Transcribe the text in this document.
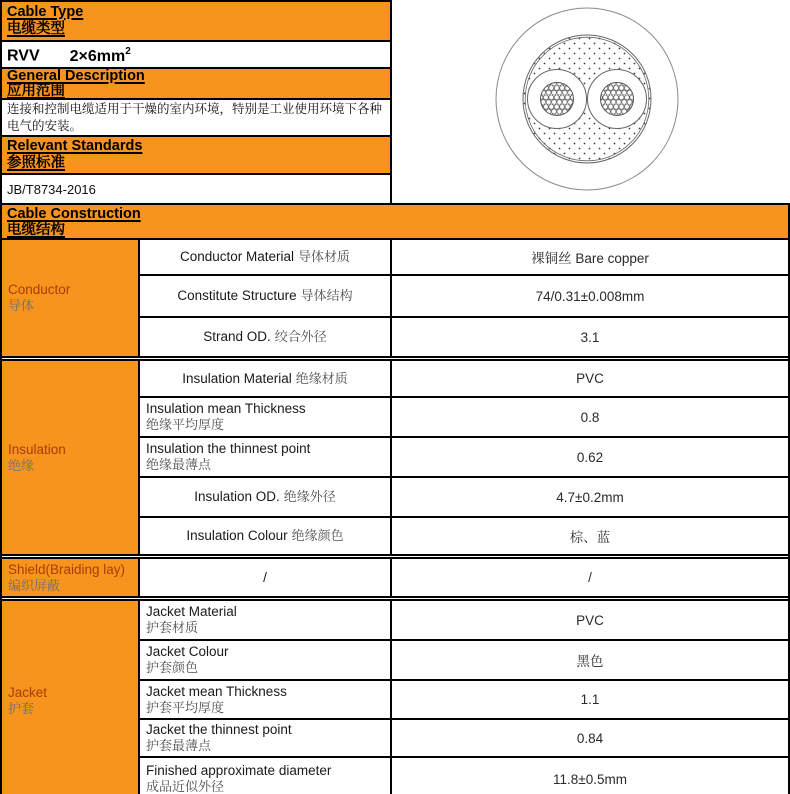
Cable Type
电缆类型
RVV $2\times 6mm^2$
General Description
应用范围
连接和控制电缆适用于干燥的室内环境，特别是工业使用环境下各种电气的安装。
Relevant Standards
参照标准
JB/T8734-2016
Cable Construction
电缆结构
Conductor
导体
Conductor Material 导体材质	裸铜丝 Bare copper
Constitute Structure 导体结构	74/0.31±0.008mm
Strand OD. 绞合外径	3.1
Insulation
绝缘
Insulation Material 绝缘材质	PVC
Insulation mean Thickness
绝缘平均厚度	0.8
Insulation the thinnest point
绝缘最薄点	0.62
Insulation OD. 绝缘外径	4.7±0.2mm
Insulation Colour 绝缘颜色	棕、蓝
Shield(Braiding lay)
编织屏蔽
/	/
Jacket
护套
Jacket Material
护套材质	PVC
Jacket Colour
护套颜色	黑色
Jacket mean Thickness
护套平均厚度	1.1
Jacket the thinnest point
护套最薄点	0.84
Finished approximate diameter
成品近似外径	11.8±0.5mm
